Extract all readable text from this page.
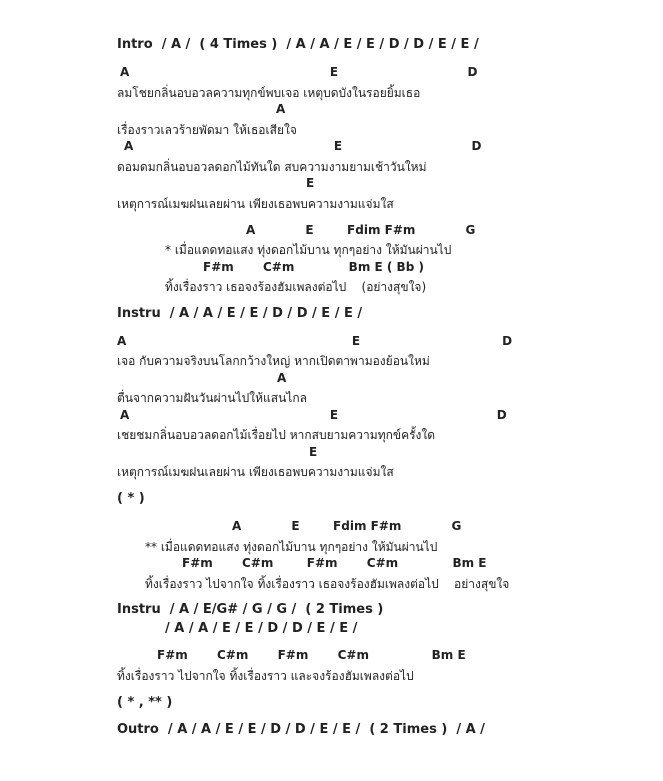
Intro  / A /  ( 4 Times )  / A / A / E / E / D / D / E / E /
A                                                E                               D
ลมโชยกลิ่นอบอวลความทุกข์พบเจอ เหตุบดบังในรอยยิ้มเธอ
A
เรื่องราวเลวร้ายพัดมา ให้เธอเสียใจ
A                                                E                               D
ดอมดมกลิ่นอบอวลดอกไม้ทันใด สบความงามยามเช้าวันใหม่
E
เหตุการณ์เมฆฝนเลยผ่าน เพียงเธอพบความงามแจ่มใส
A            E        Fdim F#m            G
* เมื่อแดดทอแสง ทุ่งดอกไม้บาน ทุกๆอย่าง ให้มันผ่านไป
F#m       C#m             Bm E ( Bb )
ทิ้งเรื่องราว เธอจงร้องฮัมเพลงต่อไป    (อย่างสุขใจ)
Instru  / A / A / E / E / D / D / E / E /
A                                                      E                                  D
เจอ กับความจริงบนโลกกว้างใหญ่ หากเปิดตาพามองย้อนใหม่
A
ตื่นจากความฝันวันผ่านไปให้แสนไกล
A                                                E                                      D
เชยชมกลิ่นอบอวลดอกไม้เรื่อยไป หากสบยามความทุกข์ครั้งใด
E
เหตุการณ์เมฆฝนเลยผ่าน เพียงเธอพบความงามแจ่มใส
( * )
A            E        Fdim F#m            G
** เมื่อแดดทอแสง ทุ่งดอกไม้บาน ทุกๆอย่าง ให้มันผ่านไป
F#m       C#m        F#m       C#m             Bm E
ทิ้งเรื่องราว ไปจากใจ ทิ้งเรื่องราว เธอจงร้องฮัมเพลงต่อไป    อย่างสุขใจ
Instru  / A / E/G# / G / G /  ( 2 Times )
/ A / A / E / E / D / D / E / E /
F#m       C#m       F#m       C#m               Bm E
ทิ้งเรื่องราว ไปจากใจ ทิ้งเรื่องราว และจงร้องฮัมเพลงต่อไป
( * , ** )
Outro  / A / A / E / E / D / D / E / E /  ( 2 Times )  / A /
